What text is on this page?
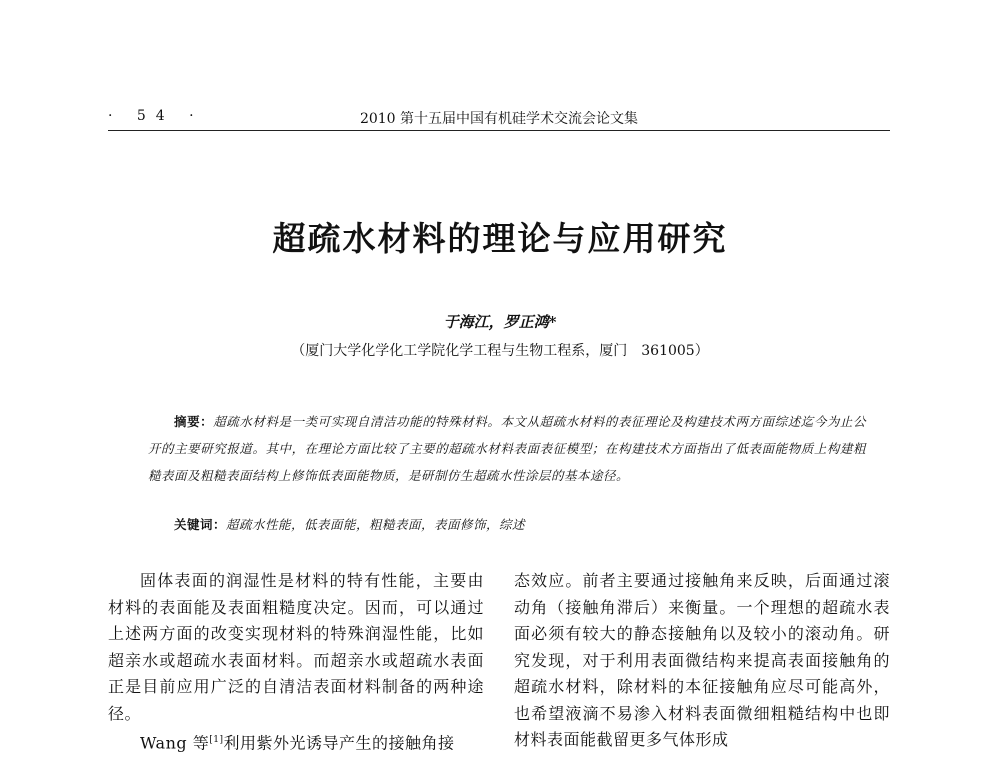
· 54 ·	2010 第十五届中国有机硅学术交流会论文集
超疏水材料的理论与应用研究
于海江，罗正鸿*
（厦门大学化学化工学院化学工程与生物工程系，厦门　361005）
摘要：超疏水材料是一类可实现自清洁功能的特殊材料。本文从超疏水材料的表征理论及构建技术两方面综述迄今为止公开的主要研究报道。其中，在理论方面比较了主要的超疏水材料表面表征模型；在构建技术方面指出了低表面能物质上构建粗糙表面及粗糙表面结构上修饰低表面能物质，是研制仿生超疏水性涂层的基本途径。
关键词：超疏水性能，低表面能，粗糙表面，表面修饰，综述

固体表面的润湿性是材料的特有性能，主要由材料的表面能及表面粗糙度决定。因而，可以通过上述两方面的改变实现材料的特殊润湿性能，比如超亲水或超疏水表面材料。而超亲水或超疏水表面正是目前应用广泛的自清洁表面材料制备的两种途径。

Wang 等[1]利用紫外光诱导产生的接触角接

态效应。前者主要通过接触角来反映，后面通过滚动角（接触角滞后）来衡量。一个理想的超疏水表面必须有较大的静态接触角以及较小的滚动角。研究发现，对于利用表面微结构来提高表面接触角的超疏水材料，除材料的本征接触角应尽可能高外，也希望液滴不易渗入材料表面微细粗糙结构中也即材料表面能截留更多气体形成
